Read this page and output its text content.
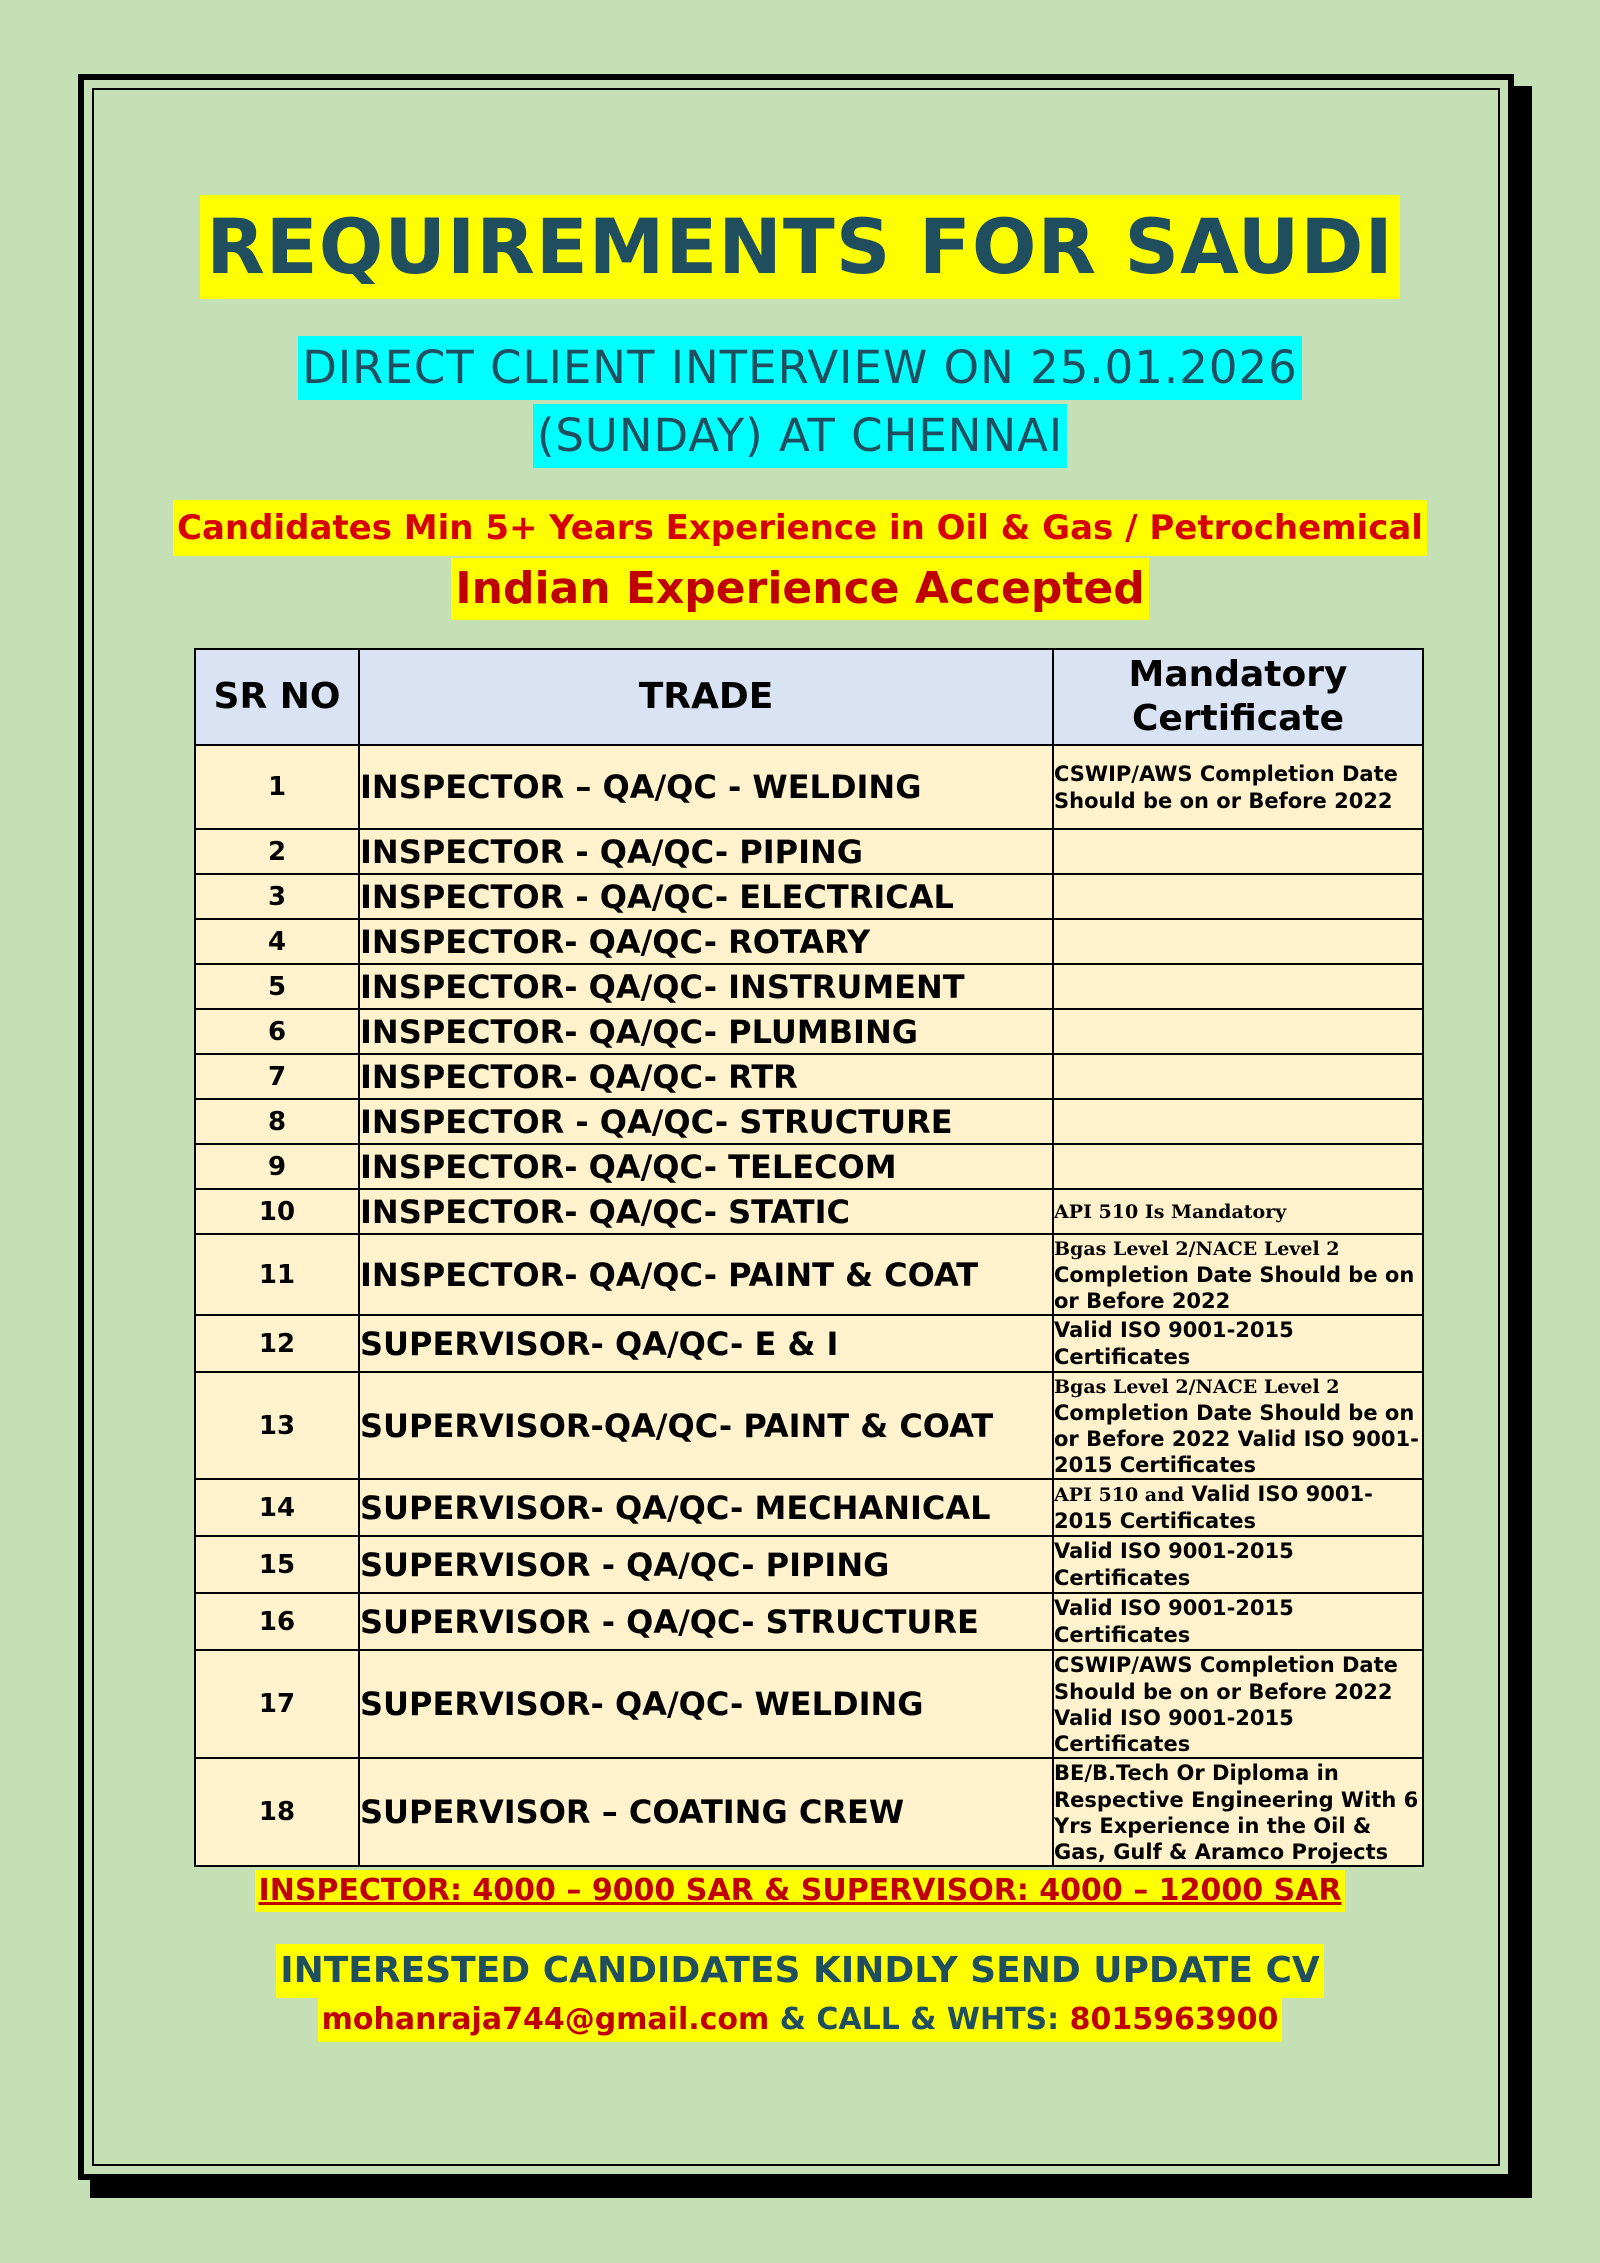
REQUIREMENTS FOR SAUDI
DIRECT CLIENT INTERVIEW ON 25.01.2026
(SUNDAY) AT CHENNAI
Candidates Min 5+ Years Experience in Oil & Gas / Petrochemical
Indian Experience Accepted
SR NO	TRADE	Mandatory
Certificate
1	INSPECTOR – QA/QC - WELDING	CSWIP/AWS Completion Date Should be on or Before 2022
2	INSPECTOR - QA/QC- PIPING	
3	INSPECTOR - QA/QC- ELECTRICAL	
4	INSPECTOR- QA/QC- ROTARY	
5	INSPECTOR- QA/QC- INSTRUMENT	
6	INSPECTOR- QA/QC- PLUMBING	
7	INSPECTOR- QA/QC- RTR	
8	INSPECTOR - QA/QC- STRUCTURE	
9	INSPECTOR- QA/QC- TELECOM	
10	INSPECTOR- QA/QC- STATIC	API 510 Is Mandatory
11	INSPECTOR- QA/QC- PAINT & COAT	Bgas Level 2/NACE Level 2
Completion Date Should be on or Before 2022
12	SUPERVISOR- QA/QC- E & I	Valid ISO 9001-2015 Certificates
13	SUPERVISOR-QA/QC- PAINT & COAT	Bgas Level 2/NACE Level 2
Completion Date Should be on or Before 2022 Valid ISO 9001-2015 Certificates
14	SUPERVISOR- QA/QC- MECHANICAL	API 510 and Valid ISO 9001-2015 Certificates
15	SUPERVISOR - QA/QC- PIPING	Valid ISO 9001-2015 Certificates
16	SUPERVISOR - QA/QC- STRUCTURE	Valid ISO 9001-2015 Certificates
17	SUPERVISOR- QA/QC- WELDING	CSWIP/AWS Completion Date Should be on or Before 2022 Valid ISO 9001-2015 Certificates
18	SUPERVISOR – COATING CREW	BE/B.Tech Or Diploma in Respective Engineering With 6 Yrs Experience in the Oil & Gas, Gulf & Aramco Projects
INSPECTOR: 4000 – 9000 SAR & SUPERVISOR: 4000 – 12000 SAR
INTERESTED CANDIDATES KINDLY SEND UPDATE CV
mohanraja744@gmail.com & CALL & WHTS: 8015963900
